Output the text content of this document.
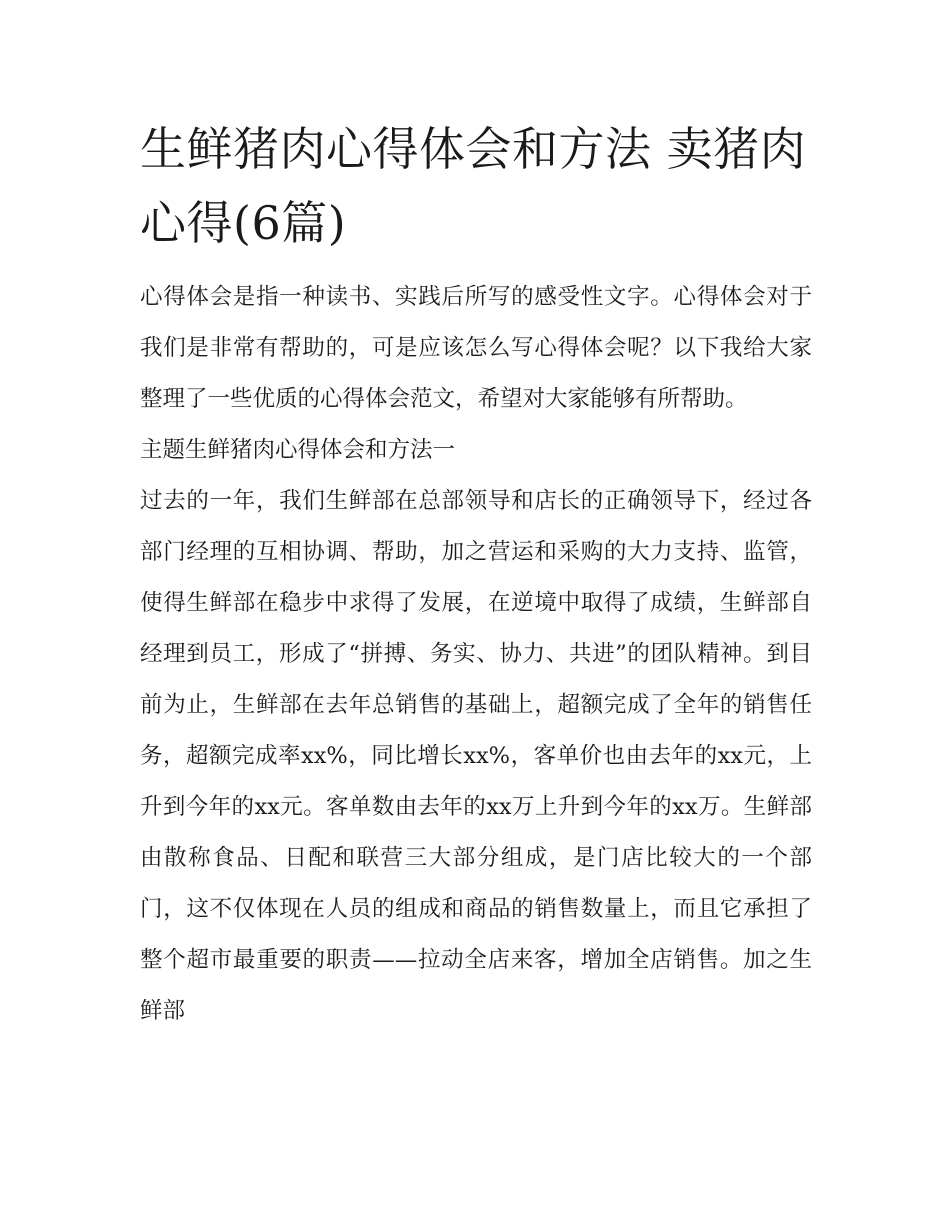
生鲜猪肉心得体会和方法 卖猪肉心得(6篇)

心得体会是指一种读书、实践后所写的感受性文字。心得体会对于我们是非常有帮助的，可是应该怎么写心得体会呢？以下我给大家整理了一些优质的心得体会范文，希望对大家能够有所帮助。

主题生鲜猪肉心得体会和方法一

过去的一年，我们生鲜部在总部领导和店长的正确领导下，经过各部门经理的互相协调、帮助，加之营运和采购的大力支持、监管，使得生鲜部在稳步中求得了发展，在逆境中取得了成绩，生鲜部自经理到员工，形成了“拼搏、务实、协力、共进”的团队精神。到目前为止，生鲜部在去年总销售的基础上，超额完成了全年的销售任务，超额完成率xx%，同比增长xx%，客单价也由去年的xx元，上升到今年的xx元。客单数由去年的xx万上升到今年的xx万。生鲜部由散称食品、日配和联营三大部分组成，是门店比较大的一个部门，这不仅体现在人员的组成和商品的销售数量上，而且它承担了整个超市最重要的职责——拉动全店来客，增加全店销售。加之生鲜部
